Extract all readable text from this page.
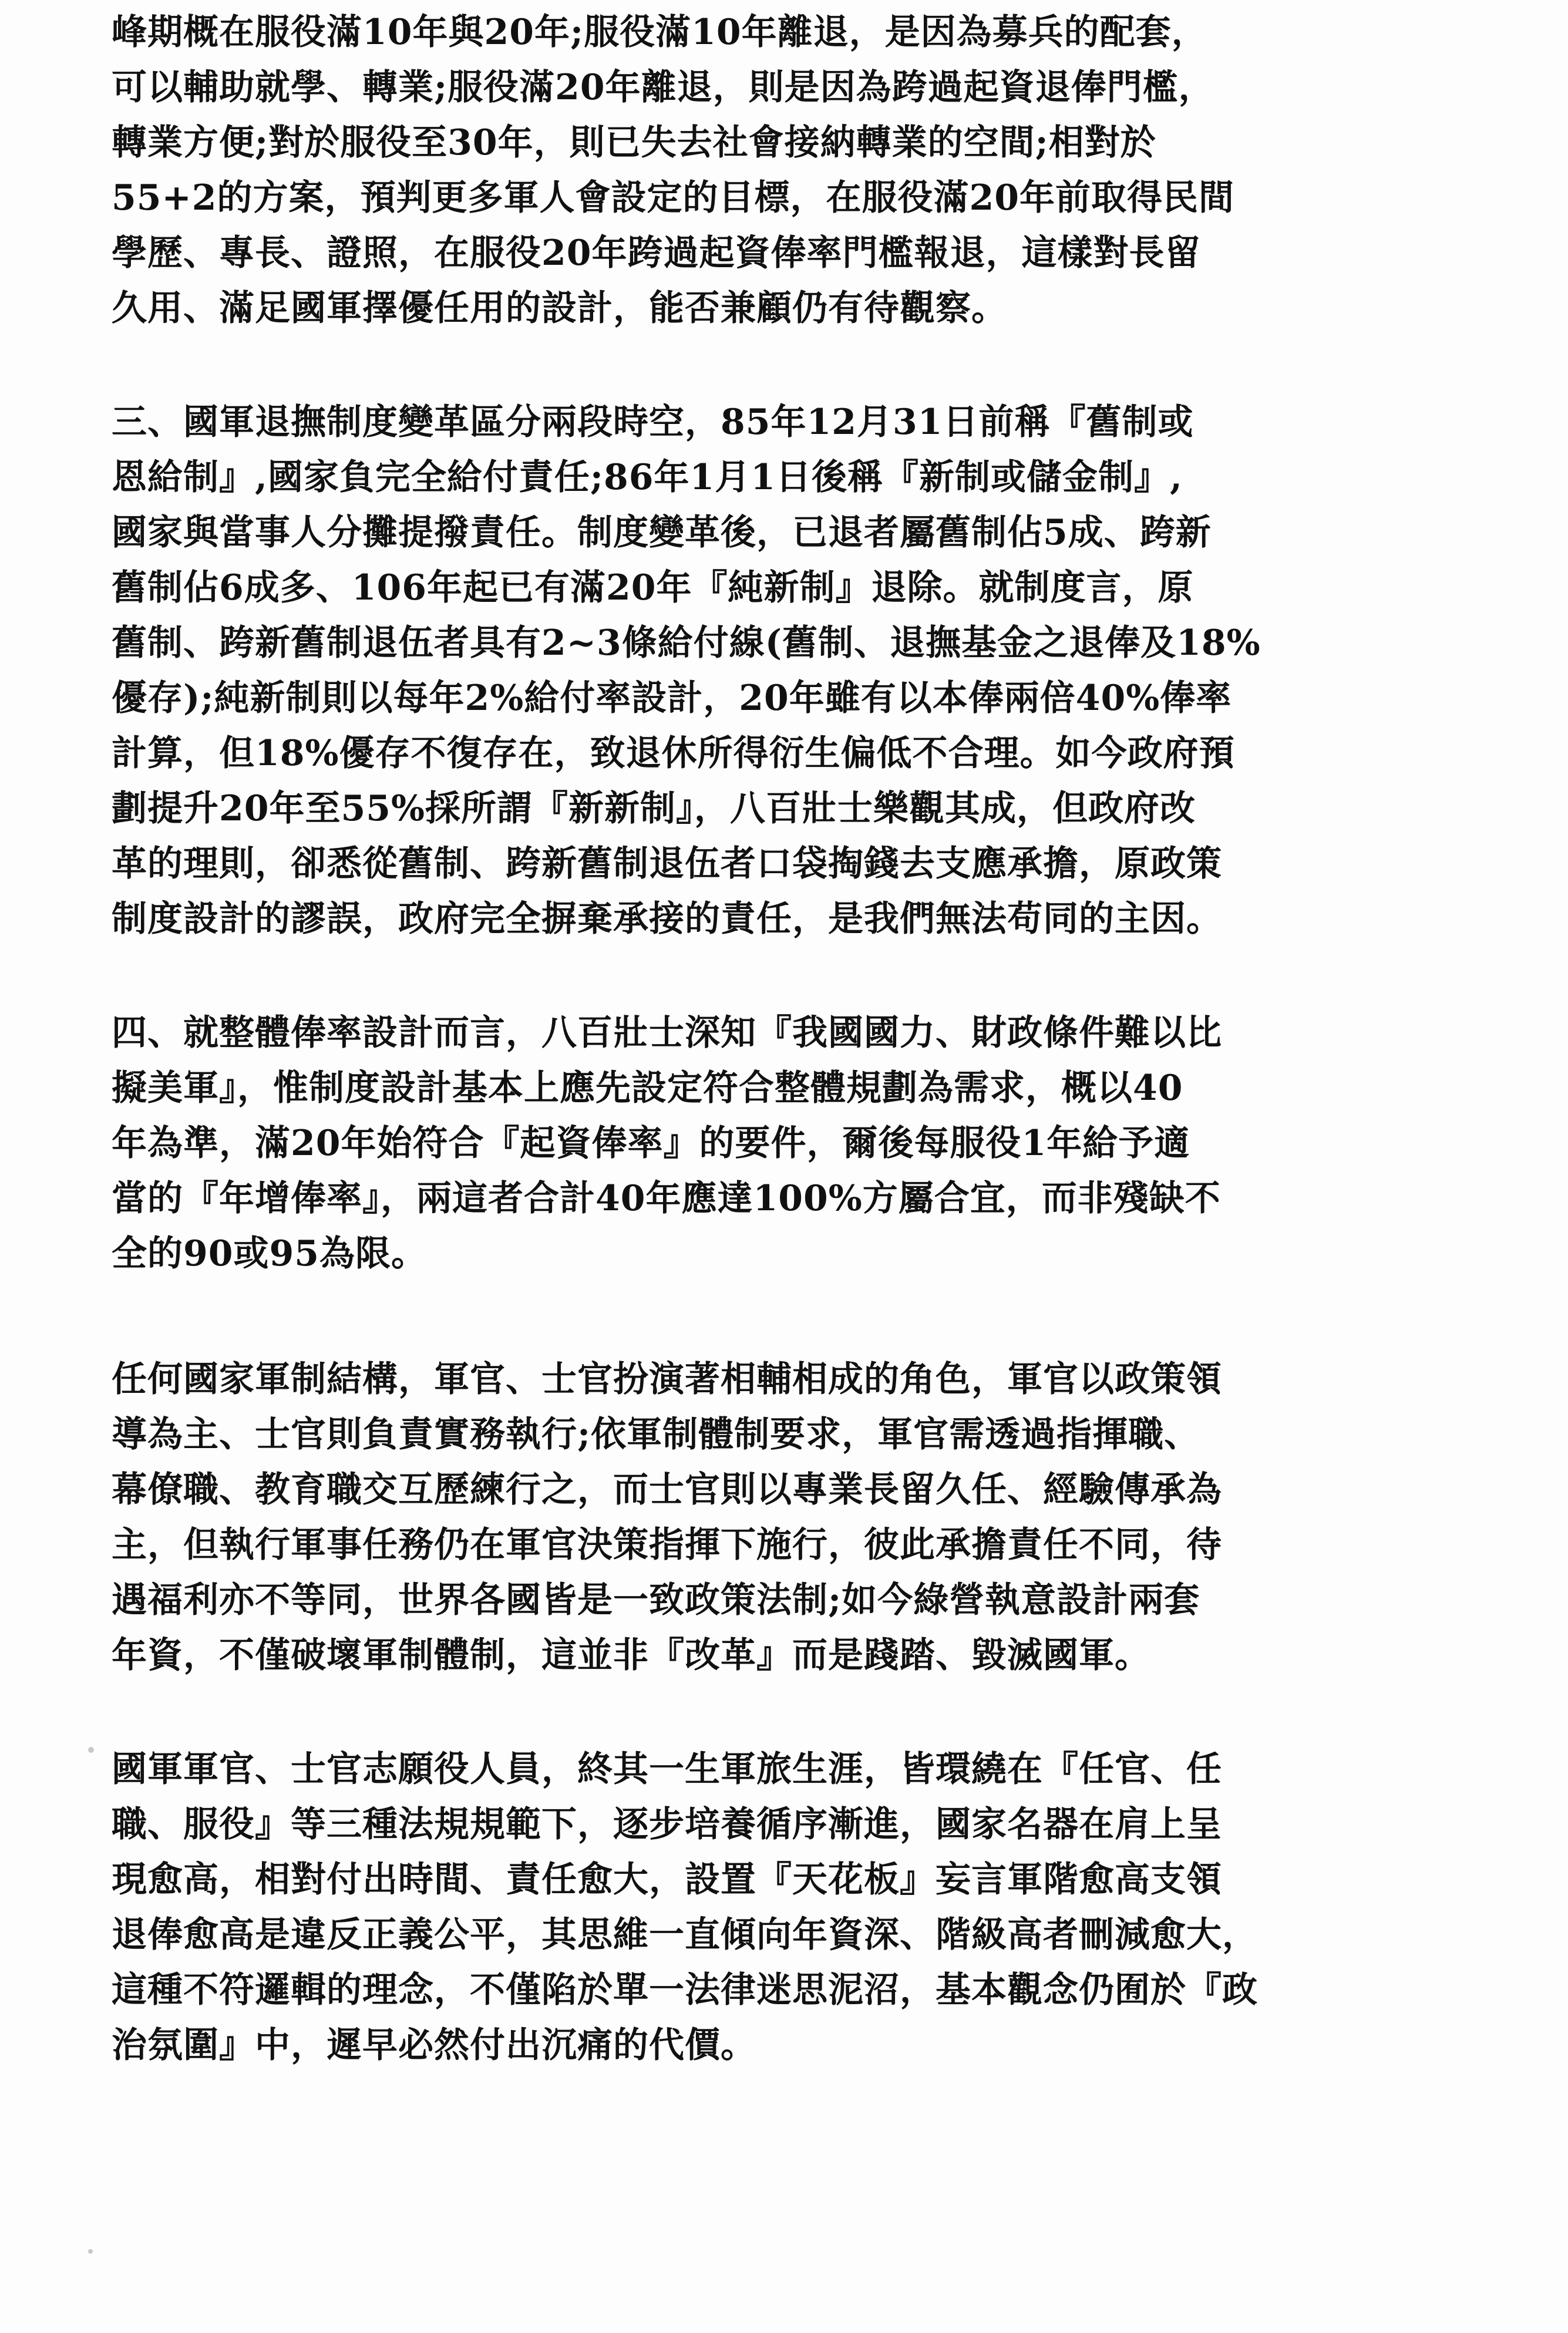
峰期概在服役滿10年與20年;服役滿10年離退，是因為募兵的配套，
可以輔助就學、轉業;服役滿20年離退，則是因為跨過起資退俸門檻，
轉業方便;對於服役至30年，則已失去社會接納轉業的空間;相對於
55+2的方案，預判更多軍人會設定的目標，在服役滿20年前取得民間
學歷、專長、證照，在服役20年跨過起資俸率門檻報退，這樣對長留
久用、滿足國軍擇優任用的設計，能否兼顧仍有待觀察。
三、國軍退撫制度變革區分兩段時空，85年12月31日前稱『舊制或
恩給制』,國家負完全給付責任;86年1月1日後稱『新制或儲金制』,
國家與當事人分攤提撥責任。制度變革後，已退者屬舊制佔5成、跨新
舊制佔6成多、106年起已有滿20年『純新制』退除。就制度言，原
舊制、跨新舊制退伍者具有2~3條給付線(舊制、退撫基金之退俸及18%
優存);純新制則以每年2%給付率設計，20年雖有以本俸兩倍40%俸率
計算，但18%優存不復存在，致退休所得衍生偏低不合理。如今政府預
劃提升20年至55%採所謂『新新制』，八百壯士樂觀其成，但政府改
革的理則，卻悉從舊制、跨新舊制退伍者口袋掏錢去支應承擔，原政策
制度設計的謬誤，政府完全摒棄承接的責任，是我們無法苟同的主因。
四、就整體俸率設計而言，八百壯士深知『我國國力、財政條件難以比
擬美軍』，惟制度設計基本上應先設定符合整體規劃為需求，概以40
年為準，滿20年始符合『起資俸率』的要件，爾後每服役1年給予適
當的『年增俸率』，兩這者合計40年應達100%方屬合宜，而非殘缺不
全的90或95為限。
任何國家軍制結構，軍官、士官扮演著相輔相成的角色，軍官以政策領
導為主、士官則負責實務執行;依軍制體制要求，軍官需透過指揮職、
幕僚職、教育職交互歷練行之，而士官則以專業長留久任、經驗傳承為
主，但執行軍事任務仍在軍官決策指揮下施行，彼此承擔責任不同，待
遇福利亦不等同，世界各國皆是一致政策法制;如今綠營執意設計兩套
年資，不僅破壞軍制體制，這並非『改革』而是踐踏、毀滅國軍。
國軍軍官、士官志願役人員，終其一生軍旅生涯，皆環繞在『任官、任
職、服役』等三種法規規範下，逐步培養循序漸進，國家名器在肩上呈
現愈高，相對付出時間、責任愈大，設置『天花板』妄言軍階愈高支領
退俸愈高是違反正義公平，其思維一直傾向年資深、階級高者刪減愈大，
這種不符邏輯的理念，不僅陷於單一法律迷思泥沼，基本觀念仍囿於『政
治氛圍』中，遲早必然付出沉痛的代價。
